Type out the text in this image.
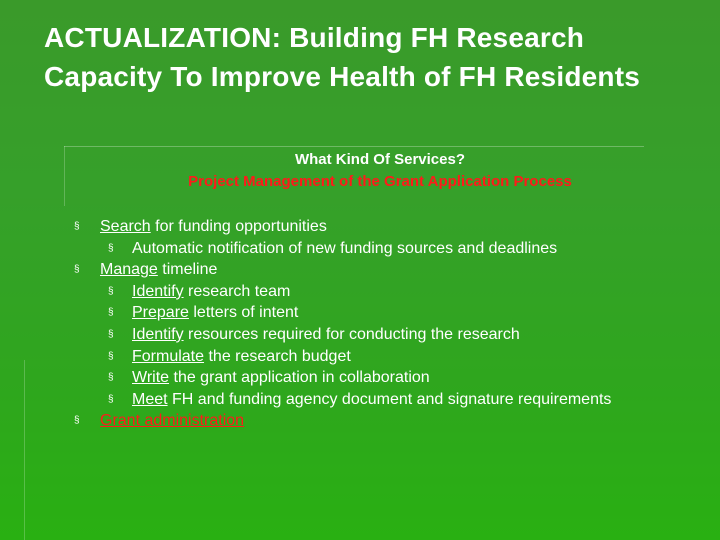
ACTUALIZATION: Building FH Research Capacity To Improve Health of FH Residents
What Kind Of Services?
Project Management of the Grant Application Process
§ Search for funding opportunities
§ Automatic notification of new funding sources and deadlines
§ Manage timeline
§ Identify research team
§ Prepare letters of intent
§ Identify resources required for conducting the research
§ Formulate the research budget
§ Write the grant application in collaboration
§ Meet FH and funding agency document and signature requirements
§ Grant administration
